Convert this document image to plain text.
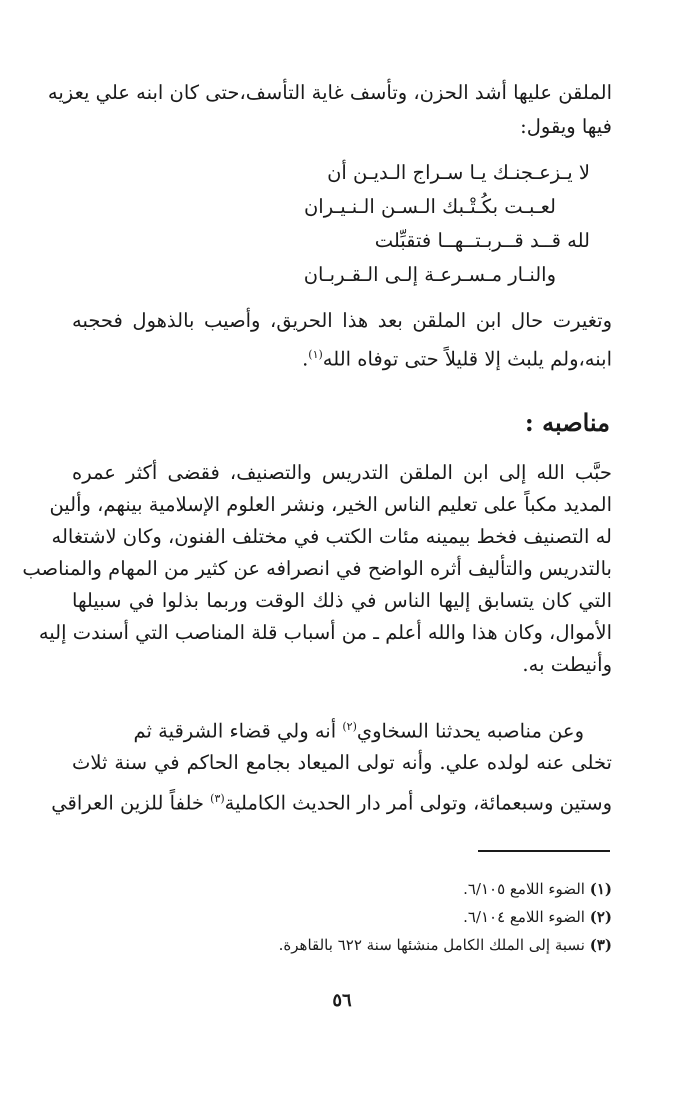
الملقن عليها أشد الحزن، وتأسف غاية التأسف،حتى كان ابنه علي يعزيه
فيها ويقول:
لا يـزعـجنـك يـا سـراج الـديـن أن
لعـبـت بكُـتْـبك الـسـن الـنـيـران
لله قــد قــربـتــهــا فتقبِّلت
والنـار مـسـرعـة إلـى الـقـربـان
وتغيرت حال ابن الملقن بعد هذا الحريق، وأصيب بالذهول فحجبه
ابنه،ولم يلبث إلا قليلاً حتى توفاه الله$^{(١)}$.
مناصبه :
حبَّب الله إلى ابن الملقن التدريس والتصنيف، فقضى أكثر عمره
المديد مكباً على تعليم الناس الخير، ونشر العلوم الإسلامية بينهم، وألين
له التصنيف فخط بيمينه مئات الكتب في مختلف الفنون، وكان لاشتغاله
بالتدريس والتأليف أثره الواضح في انصرافه عن كثير من المهام والمناصب
التي كان يتسابق إليها الناس في ذلك الوقت وربما بذلوا في سبيلها
الأموال، وكان هذا والله أعلم ـ من أسباب قلة المناصب التي أسندت إليه
وأنيطت به.
وعن مناصبه يحدثنا السخاوي$^{(٢)}$ أنه ولي قضاء الشرقية ثم
تخلى عنه لولده علي. وأنه تولى الميعاد بجامع الحاكم في سنة ثلاث
وستين وسبعمائة، وتولى أمر دار الحديث الكاملية$^{(٣)}$ خلفاً للزين العراقي
(١) الضوء اللامع ٦/١٠٥.
(٢) الضوء اللامع ٦/١٠٤.
(٣) نسبة إلى الملك الكامل منشئها سنة ٦٢٢ بالقاهرة.
٥٦
